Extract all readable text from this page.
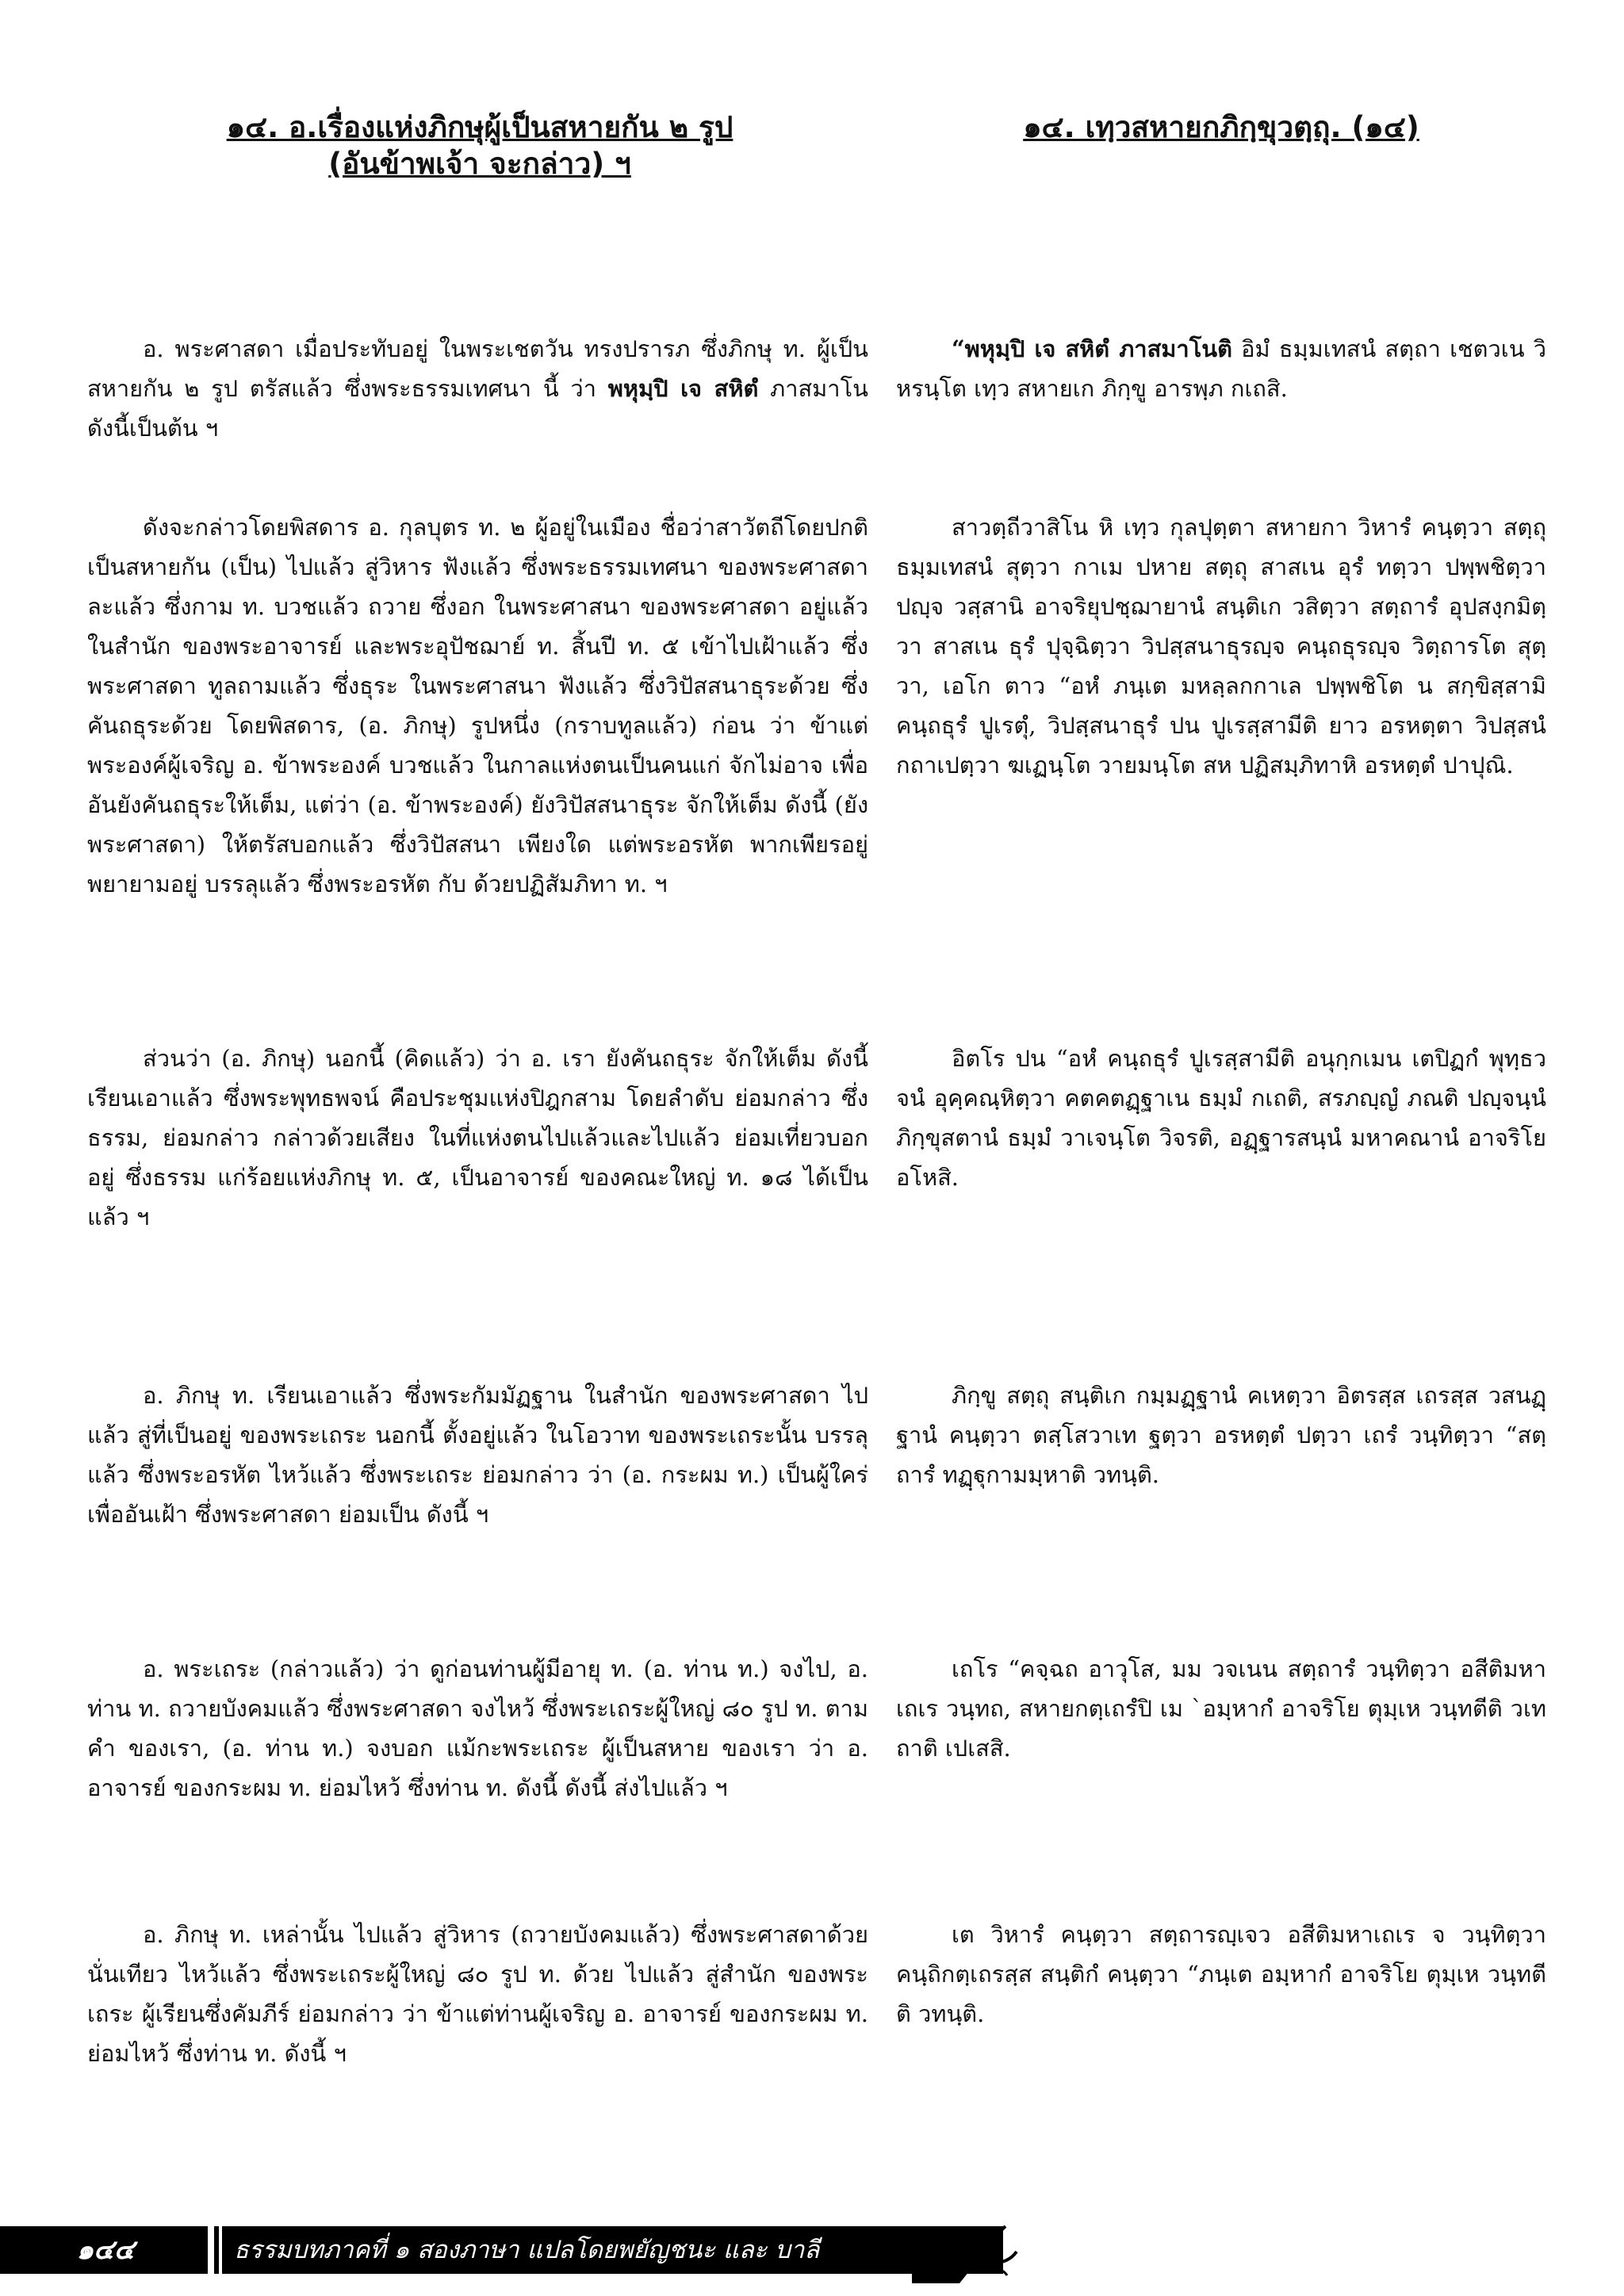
๑๔. อ.เรื่องแห่งภิกษุผู้เป็นสหายกัน ๒ รูป
(อันข้าพเจ้า จะกล่าว) ฯ
๑๔. เทฺวสหายกภิกฺขุวตฺถุ. (๑๔)
อ. พระศาสดา เมื่อประทับอยู่ ในพระเชตวัน ทรงปรารภ ซึ่งภิกษุ ท. ผู้เป็นสหายกัน ๒ รูป ตรัสแล้ว ซึ่งพระธรรมเทศนา นี้ ว่า พหุมฺปิ เจ สหิตํ ภาสมาโน ดังนี้เป็นต้น ฯ
ดังจะกล่าวโดยพิสดาร อ. กุลบุตร ท. ๒ ผู้อยู่ในเมือง ชื่อว่าสาวัตถีโดยปกติ เป็นสหายกัน (เป็น) ไปแล้ว สู่วิหาร ฟังแล้ว ซึ่งพระธรรมเทศนา ของพระศาสดา ละแล้ว ซึ่งกาม ท. บวชแล้ว ถวาย ซึ่งอก ในพระศาสนา ของพระศาสดา อยู่แล้ว ในสำนัก ของพระอาจารย์ และพระอุปัชฌาย์ ท. สิ้นปี ท. ๕ เข้าไปเฝ้าแล้ว ซึ่งพระศาสดา ทูลถามแล้ว ซึ่งธุระ ในพระศาสนา ฟังแล้ว ซึ่งวิปัสสนาธุระด้วย ซึ่งคันถธุระด้วย โดยพิสดาร, (อ. ภิกษุ) รูปหนึ่ง (กราบทูลแล้ว) ก่อน ว่า ข้าแต่พระองค์ผู้เจริญ อ. ข้าพระองค์ บวชแล้ว ในกาลแห่งตนเป็นคนแก่ จักไม่อาจ เพื่ออันยังคันถธุระให้เต็ม, แต่ว่า (อ. ข้าพระองค์) ยังวิปัสสนาธุระ จักให้เต็ม ดังนี้ (ยังพระศาสดา) ให้ตรัสบอกแล้ว ซึ่งวิปัสสนา เพียงใด แต่พระอรหัต พากเพียรอยู่ พยายามอยู่ บรรลุแล้ว ซึ่งพระอรหัต กับ ด้วยปฏิสัมภิทา ท. ฯ
ส่วนว่า (อ. ภิกษุ) นอกนี้ (คิดแล้ว) ว่า อ. เรา ยังคันถธุระ จักให้เต็ม ดังนี้ เรียนเอาแล้ว ซึ่งพระพุทธพจน์ คือประชุมแห่งปิฎกสาม โดยลำดับ ย่อมกล่าว ซึ่งธรรม, ย่อมกล่าว กล่าวด้วยเสียง ในที่แห่งตนไปแล้วและไปแล้ว ย่อมเที่ยวบอกอยู่ ซึ่งธรรม แก่ร้อยแห่งภิกษุ ท. ๕, เป็นอาจารย์ ของคณะใหญ่ ท. ๑๘ ได้เป็นแล้ว ฯ
อ. ภิกษุ ท. เรียนเอาแล้ว ซึ่งพระกัมมัฏฐาน ในสำนัก ของพระศาสดา ไปแล้ว สู่ที่เป็นอยู่ ของพระเถระ นอกนี้ ตั้งอยู่แล้ว ในโอวาท ของพระเถระนั้น บรรลุแล้ว ซึ่งพระอรหัต ไหว้แล้ว ซึ่งพระเถระ ย่อมกล่าว ว่า (อ. กระผม ท.) เป็นผู้ใคร่เพื่ออันเฝ้า ซึ่งพระศาสดา ย่อมเป็น ดังนี้ ฯ
อ. พระเถระ (กล่าวแล้ว) ว่า ดูก่อนท่านผู้มีอายุ ท. (อ. ท่าน ท.) จงไป, อ. ท่าน ท. ถวายบังคมแล้ว ซึ่งพระศาสดา จงไหว้ ซึ่งพระเถระผู้ใหญ่ ๘๐ รูป ท. ตามคำ ของเรา, (อ. ท่าน ท.) จงบอก แม้กะพระเถระ ผู้เป็นสหาย ของเรา ว่า อ. อาจารย์ ของกระผม ท. ย่อมไหว้ ซึ่งท่าน ท. ดังนี้ ดังนี้ ส่งไปแล้ว ฯ
อ. ภิกษุ ท. เหล่านั้น ไปแล้ว สู่วิหาร (ถวายบังคมแล้ว) ซึ่งพระศาสดาด้วยนั่นเทียว ไหว้แล้ว ซึ่งพระเถระผู้ใหญ่ ๘๐ รูป ท. ด้วย ไปแล้ว สู่สำนัก ของพระเถระ ผู้เรียนซึ่งคัมภีร์ ย่อมกล่าว ว่า ข้าแต่ท่านผู้เจริญ อ. อาจารย์ ของกระผม ท. ย่อมไหว้ ซึ่งท่าน ท. ดังนี้ ฯ
“พหุมฺปิ เจ สหิตํ ภาสมาโนติ อิมํ ธมฺมเทสนํ สตฺถา เชตวเน วิหรนฺโต เทฺว สหายเก ภิกฺขู อารพฺภ กเถสิ.
สาวตฺถีวาสิโน หิ เทฺว กุลปุตฺตา สหายกา วิหารํ คนฺตฺวา สตฺถุ ธมฺมเทสนํ สุตฺวา กาเม ปหาย สตฺถุ สาสเน อุรํ ทตฺวา ปพฺพชิตฺวา ปญฺจ วสฺสานิ อาจริยุปชฺฌายานํ สนฺติเก วสิตฺวา สตฺถารํ อุปสงฺกมิตฺวา สาสเน ธุรํ ปุจฺฉิตฺวา วิปสฺสนาธุรญฺจ คนฺถธุรญฺจ วิตฺถารโต สุตฺวา, เอโก ตาว “อหํ ภนฺเต มหลฺลกกาเล ปพฺพชิโต น สกฺขิสฺสามิ คนฺถธุรํ ปูเรตุํ, วิปสฺสนาธุรํ ปน ปูเรสฺสามีติ ยาว อรหตฺตา วิปสฺสนํ กถาเปตฺวา ฆเฏนฺโต วายมนฺโต สห ปฏิสมฺภิทาหิ อรหตฺตํ ปาปุณิ.
อิตโร ปน “อหํ คนฺถธุรํ ปูเรสฺสามีติ อนุกฺกเมน เตปิฏกํ พุทฺธวจนํ อุคฺคณฺหิตฺวา คตคตฏฺฐาเน ธมฺมํ กเถติ, สรภญฺญํ ภณติ ปญฺจนฺนํ ภิกฺขุสตานํ ธมฺมํ วาเจนฺโต วิจรติ, อฏฺฐารสนฺนํ มหาคณานํ อาจริโย อโหสิ.
ภิกฺขู สตฺถุ สนฺติเก กมฺมฏฺฐานํ คเหตฺวา อิตรสฺส เถรสฺส วสนฏฺฐานํ คนฺตฺวา ตสฺโสวาเท ฐตฺวา อรหตฺตํ ปตฺวา เถรํ วนฺทิตฺวา “สตฺถารํ ทฏฺฐุกามมฺหาติ วทนฺติ.
เถโร “คจฺฉถ อาวุโส, มม วจเนน สตฺถารํ วนฺทิตฺวา อสีติมหาเถเร วนฺทถ, สหายกตฺเถรํปิ เม `อมฺหากํ อาจริโย ตุมฺเห วนฺทตีติ วเทถาติ เปเสสิ.
เต วิหารํ คนฺตฺวา สตฺถารญฺเจว อสีติมหาเถเร จ วนฺทิตฺวา คนฺถิกตฺเถรสฺส สนฺติกํ คนฺตฺวา “ภนฺเต อมฺหากํ อาจริโย ตุมฺเห วนฺทตีติ วทนฺติ.
๑๔๔	ธรรมบทภาคที่ ๑ สองภาษา แปลโดยพยัญชนะ และ บาลี
